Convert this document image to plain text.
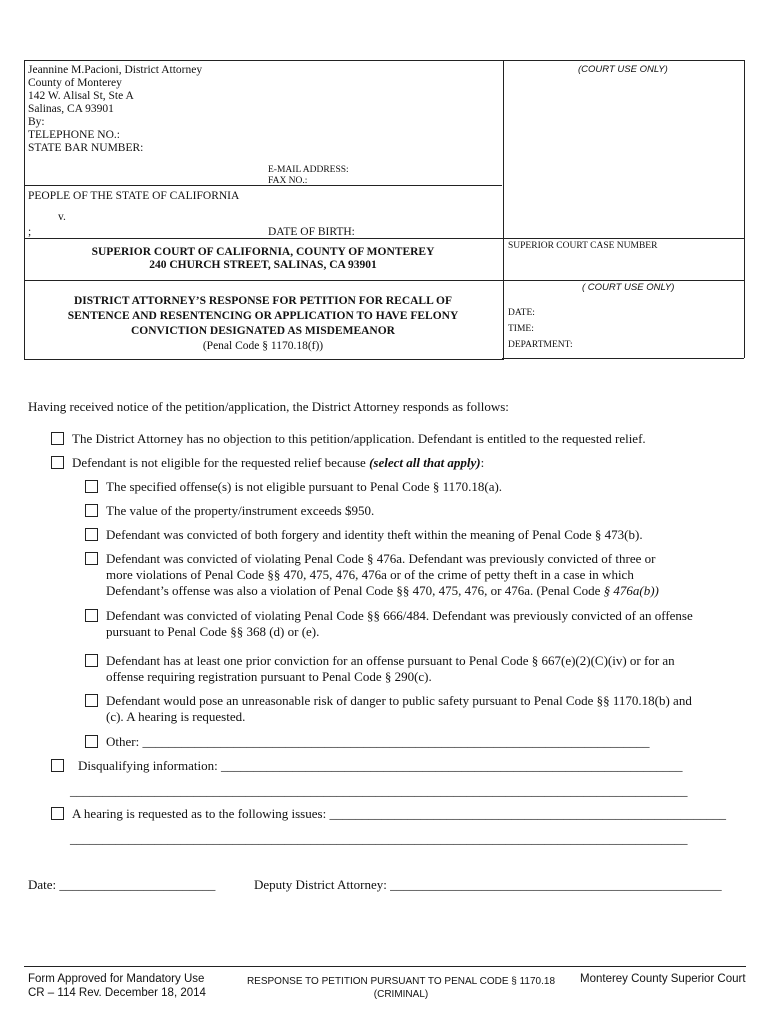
Jeannine M.Pacioni, District Attorney
County of Monterey
142 W. Alisal St, Ste A
Salinas, CA 93901
By:
TELEPHONE NO.:
STATE BAR NUMBER:
(COURT USE ONLY)
E-MAIL ADDRESS:
FAX NO.:
PEOPLE OF THE STATE OF CALIFORNIA
v.
;	DATE OF BIRTH:
SUPERIOR COURT OF CALIFORNIA, COUNTY OF MONTEREY
240 CHURCH STREET, SALINAS, CA 93901
SUPERIOR COURT CASE NUMBER
( COURT USE ONLY)
DISTRICT ATTORNEY’S RESPONSE FOR PETITION FOR RECALL OF
SENTENCE AND RESENTENCING OR APPLICATION TO HAVE FELONY
CONVICTION DESIGNATED AS MISDEMEANOR
(Penal Code § 1170.18(f))
DATE:
TIME:
DEPARTMENT:
Having received notice of the petition/application, the District Attorney responds as follows:
The District Attorney has no objection to this petition/application. Defendant is entitled to the requested relief.
Defendant is not eligible for the requested relief because (select all that apply):
The specified offense(s) is not eligible pursuant to Penal Code § 1170.18(a).
The value of the property/instrument exceeds $950.
Defendant was convicted of both forgery and identity theft within the meaning of Penal Code § 473(b).
Defendant was convicted of violating Penal Code § 476a. Defendant was previously convicted of three or
more violations of Penal Code §§ 470, 475, 476, 476a or of the crime of petty theft in a case in which
Defendant’s offense was also a violation of Penal Code §§ 470, 475, 476, or 476a. (Penal Code § 476a(b))
Defendant was convicted of violating Penal Code §§ 666/484. Defendant was previously convicted of an offense
pursuant to Penal Code §§ 368 (d) or (e).
Defendant has at least one prior conviction for an offense pursuant to Penal Code § 667(e)(2)(C)(iv) or for an
offense requiring registration pursuant to Penal Code § 290(c).
Defendant would pose an unreasonable risk of danger to public safety pursuant to Penal Code §§ 1170.18(b) and
(c). A hearing is requested.
Other: ______________________________________________________________________________
Disqualifying information: _______________________________________________________________________
_______________________________________________________________________________________________
A hearing is requested as to the following issues: _____________________________________________________________
_______________________________________________________________________________________________
Date: ________________________	Deputy District Attorney: ___________________________________________________
Form Approved for Mandatory Use
CR – 114 Rev. December 18, 2014
RESPONSE TO PETITION PURSUANT TO PENAL CODE § 1170.18
(CRIMINAL)
Monterey County Superior Court
